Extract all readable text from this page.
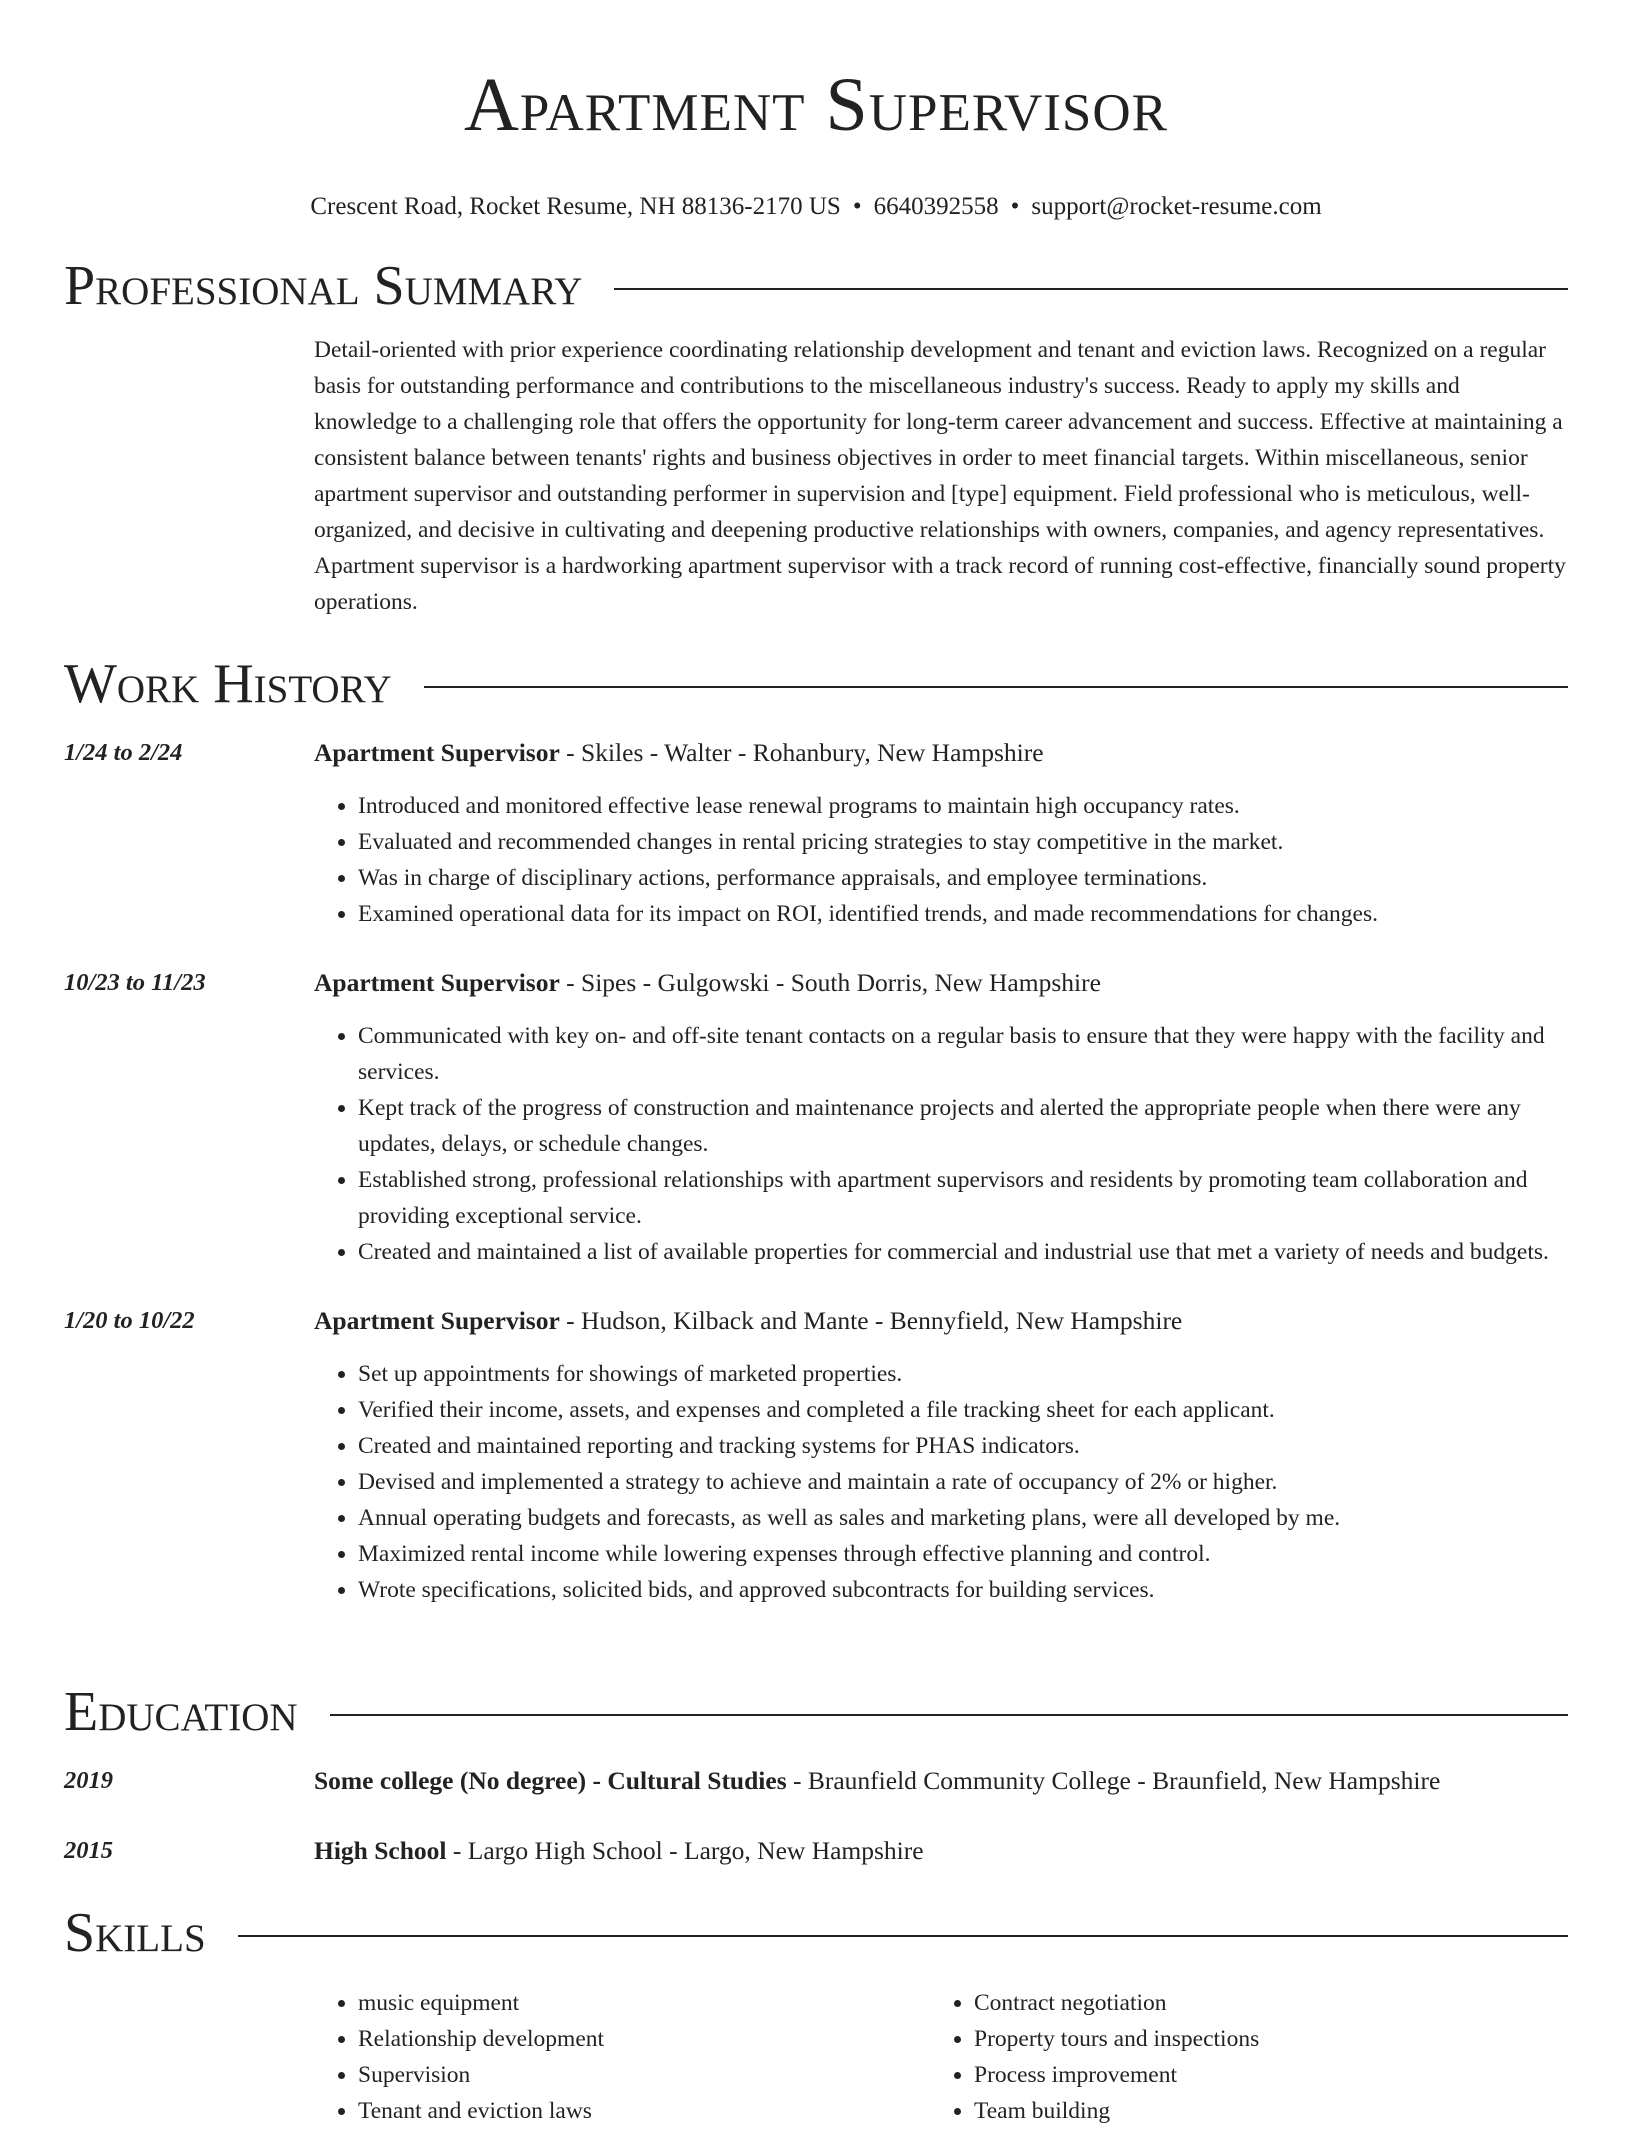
Apartment Supervisor
Crescent Road, Rocket Resume, NH 88136-2170 US • 6640392558 • support@rocket-resume.com
Professional Summary
Detail-oriented with prior experience coordinating relationship development and tenant and eviction laws. Recognized on a regular basis for outstanding performance and contributions to the miscellaneous industry's success. Ready to apply my skills and knowledge to a challenging role that offers the opportunity for long-term career advancement and success. Effective at maintaining a consistent balance between tenants' rights and business objectives in order to meet financial targets. Within miscellaneous, senior apartment supervisor and outstanding performer in supervision and [type] equipment. Field professional who is meticulous, well-organized, and decisive in cultivating and deepening productive relationships with owners, companies, and agency representatives. Apartment supervisor is a hardworking apartment supervisor with a track record of running cost-effective, financially sound property operations.
Work History
1/24 to 2/24	Apartment Supervisor - Skiles - Walter - Rohanbury, New Hampshire
• Introduced and monitored effective lease renewal programs to maintain high occupancy rates.
• Evaluated and recommended changes in rental pricing strategies to stay competitive in the market.
• Was in charge of disciplinary actions, performance appraisals, and employee terminations.
• Examined operational data for its impact on ROI, identified trends, and made recommendations for changes.
10/23 to 11/23	Apartment Supervisor - Sipes - Gulgowski - South Dorris, New Hampshire
• Communicated with key on- and off-site tenant contacts on a regular basis to ensure that they were happy with the facility and services.
• Kept track of the progress of construction and maintenance projects and alerted the appropriate people when there were any updates, delays, or schedule changes.
• Established strong, professional relationships with apartment supervisors and residents by promoting team collaboration and providing exceptional service.
• Created and maintained a list of available properties for commercial and industrial use that met a variety of needs and budgets.
1/20 to 10/22	Apartment Supervisor - Hudson, Kilback and Mante - Bennyfield, New Hampshire
• Set up appointments for showings of marketed properties.
• Verified their income, assets, and expenses and completed a file tracking sheet for each applicant.
• Created and maintained reporting and tracking systems for PHAS indicators.
• Devised and implemented a strategy to achieve and maintain a rate of occupancy of 2% or higher.
• Annual operating budgets and forecasts, as well as sales and marketing plans, were all developed by me.
• Maximized rental income while lowering expenses through effective planning and control.
• Wrote specifications, solicited bids, and approved subcontracts for building services.
Education
2019	Some college (No degree) - Cultural Studies - Braunfield Community College - Braunfield, New Hampshire
2015	High School - Largo High School - Largo, New Hampshire
Skills
• music equipment
• Relationship development
• Supervision
• Tenant and eviction laws
• Contract negotiation
• Property tours and inspections
• Process improvement
• Team building
